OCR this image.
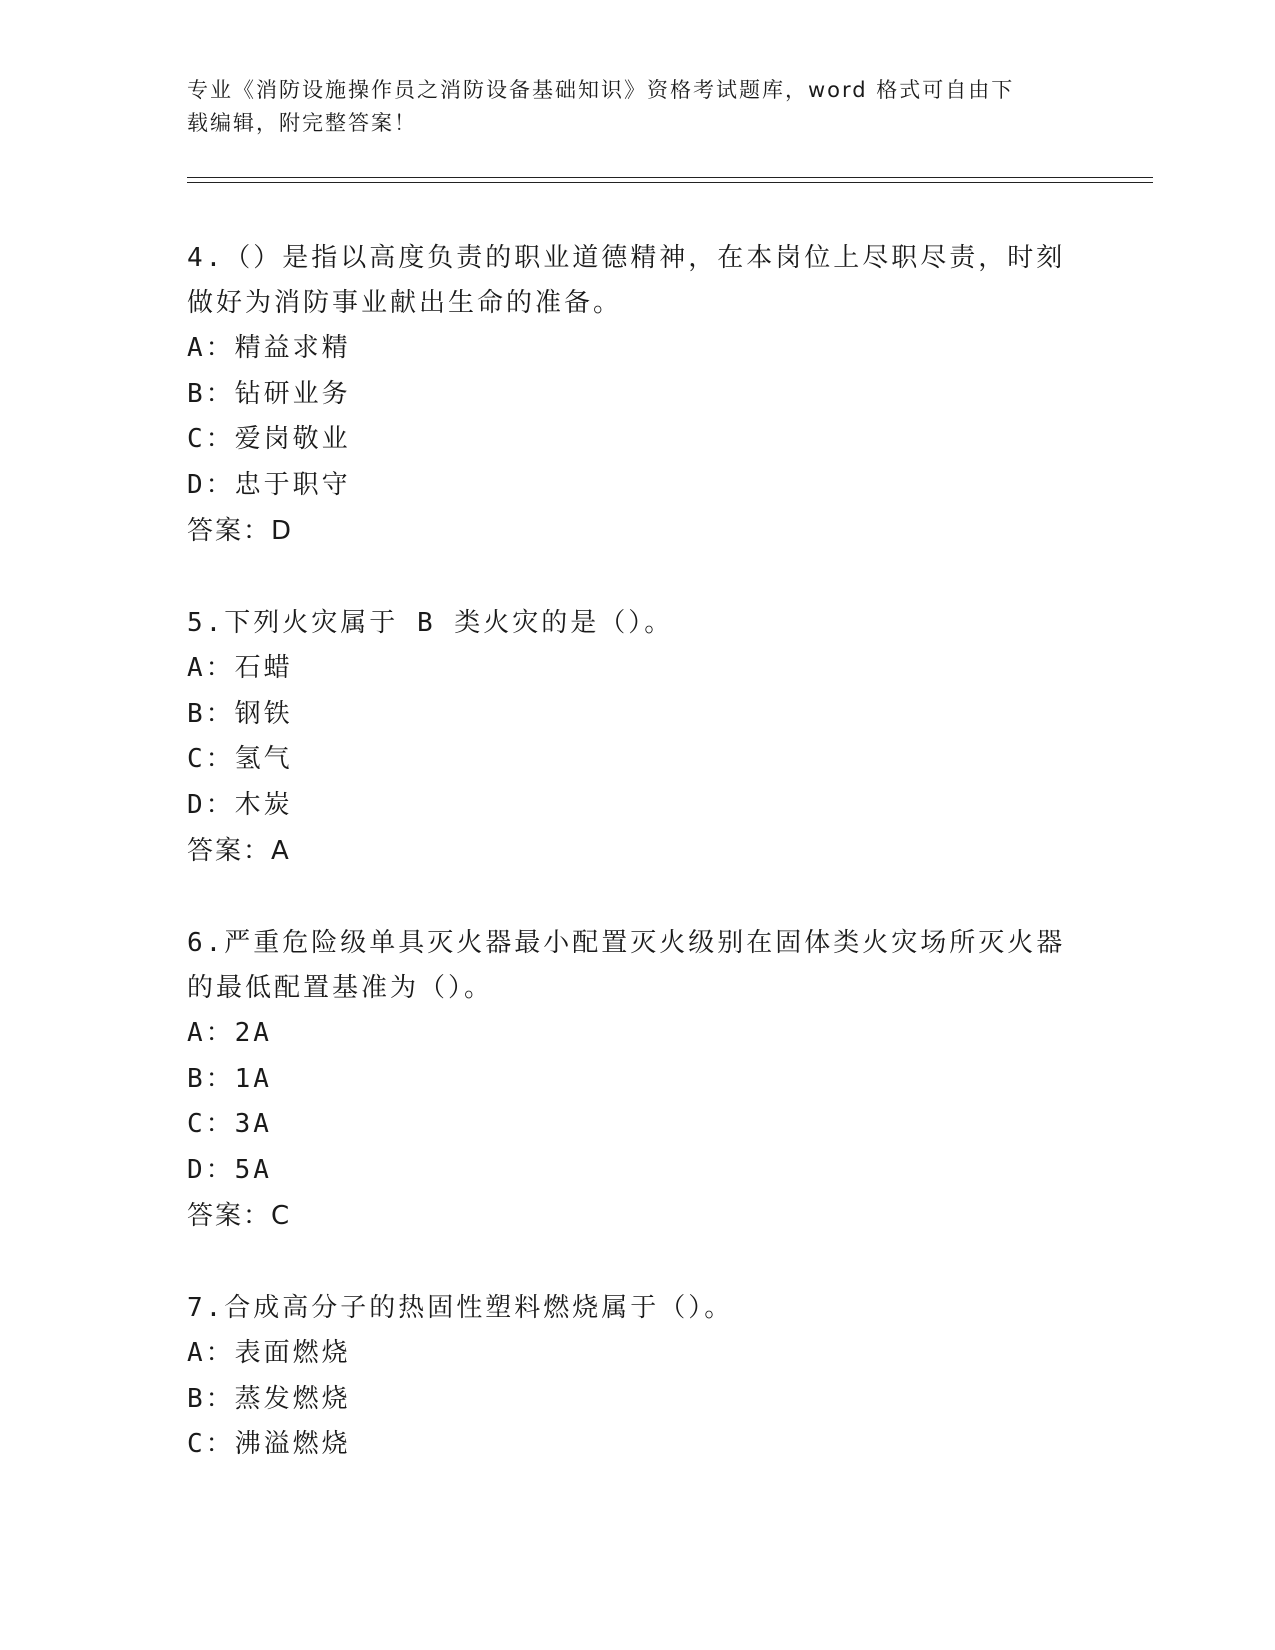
专业《消防设施操作员之消防设备基础知识》资格考试题库，word 格式可自由下
载编辑，附完整答案！
4.（）是指以高度负责的职业道德精神，在本岗位上尽职尽责，时刻
做好为消防事业献出生命的准备。
A：精益求精
B：钻研业务
C：爱岗敬业
D：忠于职守
答案：D
5.下列火灾属于 B 类火灾的是（）。
A：石蜡
B：钢铁
C：氢气
D：木炭
答案：A
6.严重危险级单具灭火器最小配置灭火级别在固体类火灾场所灭火器
的最低配置基准为（）。
A：2A
B：1A
C：3A
D：5A
答案：C
7.合成高分子的热固性塑料燃烧属于（）。
A：表面燃烧
B：蒸发燃烧
C：沸溢燃烧
